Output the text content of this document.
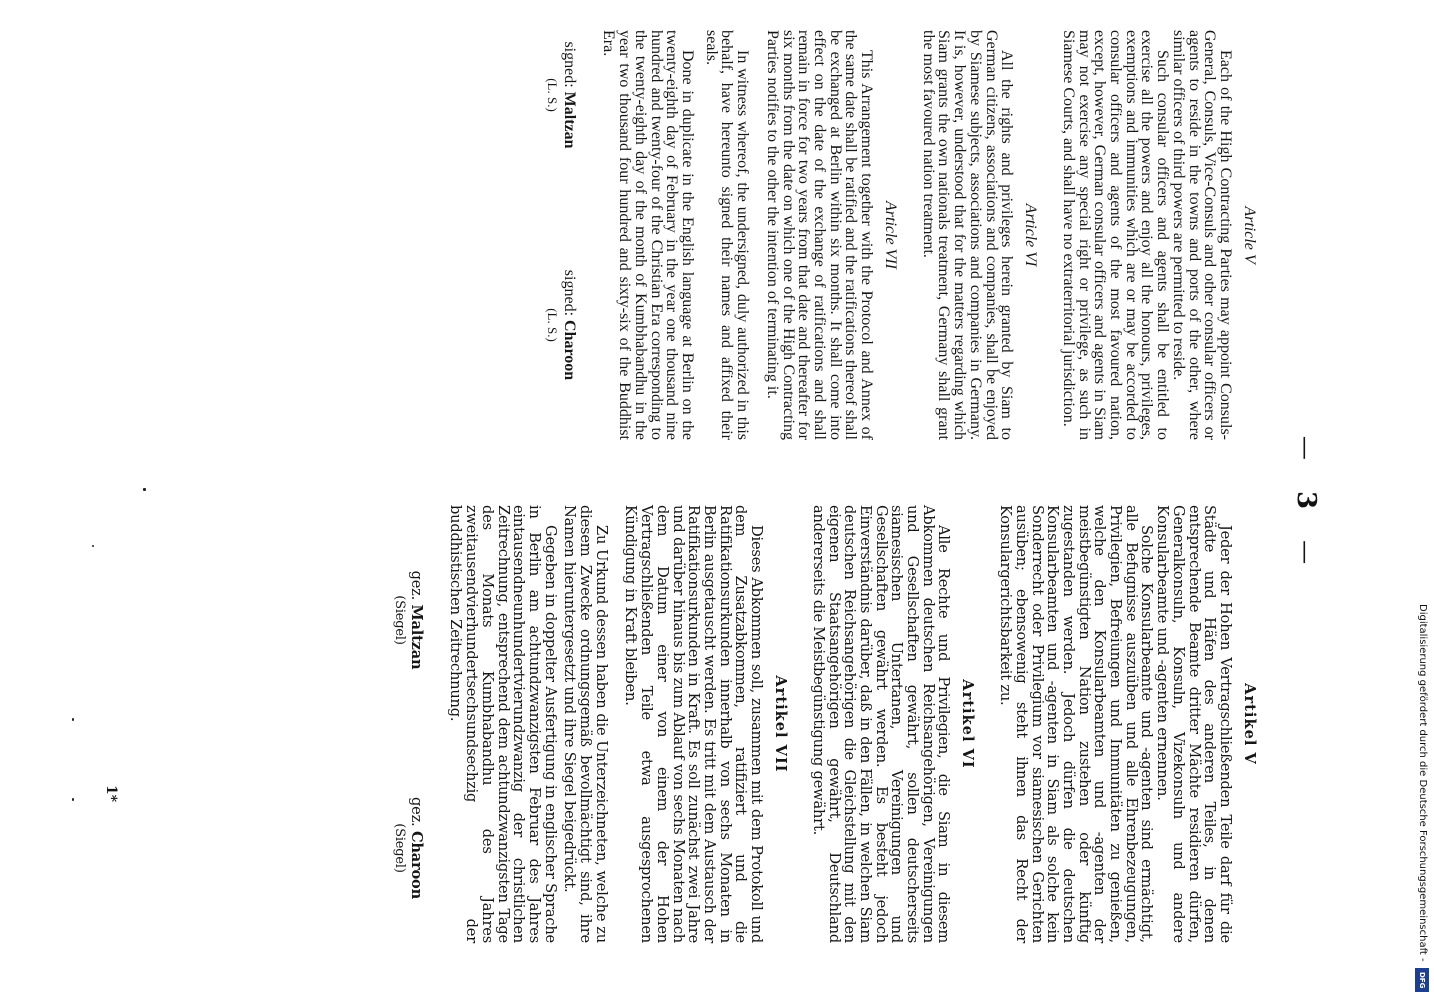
— 3 —
Article V

Each of the High Contracting Parties may appoint Consuls-General, Consuls, Vice-Consuls and other consular officers or agents to reside in the towns and ports of the other, where similar officers of third powers are permitted to reside.

Such consular officers and agents shall be entitled to exercise all the powers and enjoy all the honours, privileges, exemptions and immunities which are or may be accorded to consular officers and agents of the most favoured nation, except, however, German consular officers and agents in Siam may not exercise any special right or privilege, as such in Siamese Courts, and shall have no extraterritorial jurisdiction.

Article VI

All the rights and privileges herein granted by Siam to German citizens, associations and companies, shall be enjoyed by Siamese subjects, associations and companies in Germany. It is, however, understood that for the matters regarding which Siam grants the own nationals treatment, Germany shall grant the most favoured nation treatment.

Article VII

This Arrangement together with the Protocol and Annex of the same date shall be ratified and the ratifications thereof shall be exchanged at Berlin within six months. It shall come into effect on the date of the exchange of ratifications and shall remain in force for two years from that date and thereafter for six months from the date on which one of the High Contracting Parties notifies to the other the intention of terminating it.

In witness whereof, the undersigned, duly authorized in this behalf, have hereunto signed their names and affixed their seals.

Done in duplicate in the English language at Berlin on the twenty-eighth day of February in the year one thousand nine hundred and twenty-four of the Christian Era corresponding to the twenty-eighth day of the month of Kumbhabandhu in the year two thousand four hundred and sixty-six of the Buddhist Era.

signed: Maltzan
(L. S.)
signed: Charoon
(L. S.)
Artikel V

Jeder der Hohen Vertragschließenden Teile darf für die Städte und Häfen des anderen Teiles, in denen entsprechende Beamte dritter Mächte residieren dürfen, Generalkonsuln, Konsuln, Vizekonsuln und andere Konsularbeamte und -agenten ernennen.

Solche Konsularbeamte und -agenten sind ermächtigt, alle Befugnisse auszuüben und alle Ehrenbezeugungen, Privilegien, Befreiungen und Immunitäten zu genießen, welche den Konsularbeamten und -agenten der meistbegünstigten Nation zustehen oder künftig zugestanden werden. Jedoch dürfen die deutschen Konsularbeamten und -agenten in Siam als solche kein Sonderrecht oder Privilegium vor siamesischen Gerichten ausüben; ebensowenig steht ihnen das Recht der Konsulargerichtsbarkeit zu.

Artikel VI

Alle Rechte und Privilegien, die Siam in diesem Abkommen deutschen Reichsangehörigen, Vereinigungen und Gesellschaften gewährt, sollen deutscherseits siamesischen Untertanen, Vereinigungen und Gesellschaften gewährt werden. Es besteht jedoch Einverständnis darüber, daß in den Fällen, in welchen Siam deutschen Reichsangehörigen die Gleichstellung mit den eigenen Staatsangehörigen gewährt, Deutschland andererseits die Meistbegünstigung gewährt.

Artikel VII

Dieses Abkommen soll, zusammen mit dem Protokoll und dem Zusatzabkommen, ratifiziert und die Ratifikationsurkunden innerhalb von sechs Monaten in Berlin ausgetauscht werden. Es tritt mit dem Austausch der Ratifikationsurkunden in Kraft. Es soll zunächst zwei Jahre und darüber hinaus bis zum Ablauf von sechs Monaten nach dem Datum einer von einem der Hohen Vertragschließenden Teile etwa ausgesprochenen Kündigung in Kraft bleiben.

Zu Urkund dessen haben die Unterzeichneten, welche zu diesem Zwecke ordnungsgemäß bevollmächtigt sind, ihre Namen hieruntergesetzt und ihre Siegel beigedrückt.

Gegeben in doppelter Ausfertigung in englischer Sprache in Berlin am achtundzwanzigsten Februar des Jahres eintausendneunhundertvierundzwanzig der christlichen Zeitrechnung, entsprechend dem achtundzwanzigsten Tage des Monats Kumbhabandhu des Jahres zweitausendvierhundertsechsundsechzig der buddhistischen Zeitrechnung.

gez. Maltzan
(Siegel)
gez. Charoon
(Siegel)
1*	Digitalisierung gefördert durch die Deutsche Forschungsgemeinschaft -
DFG
